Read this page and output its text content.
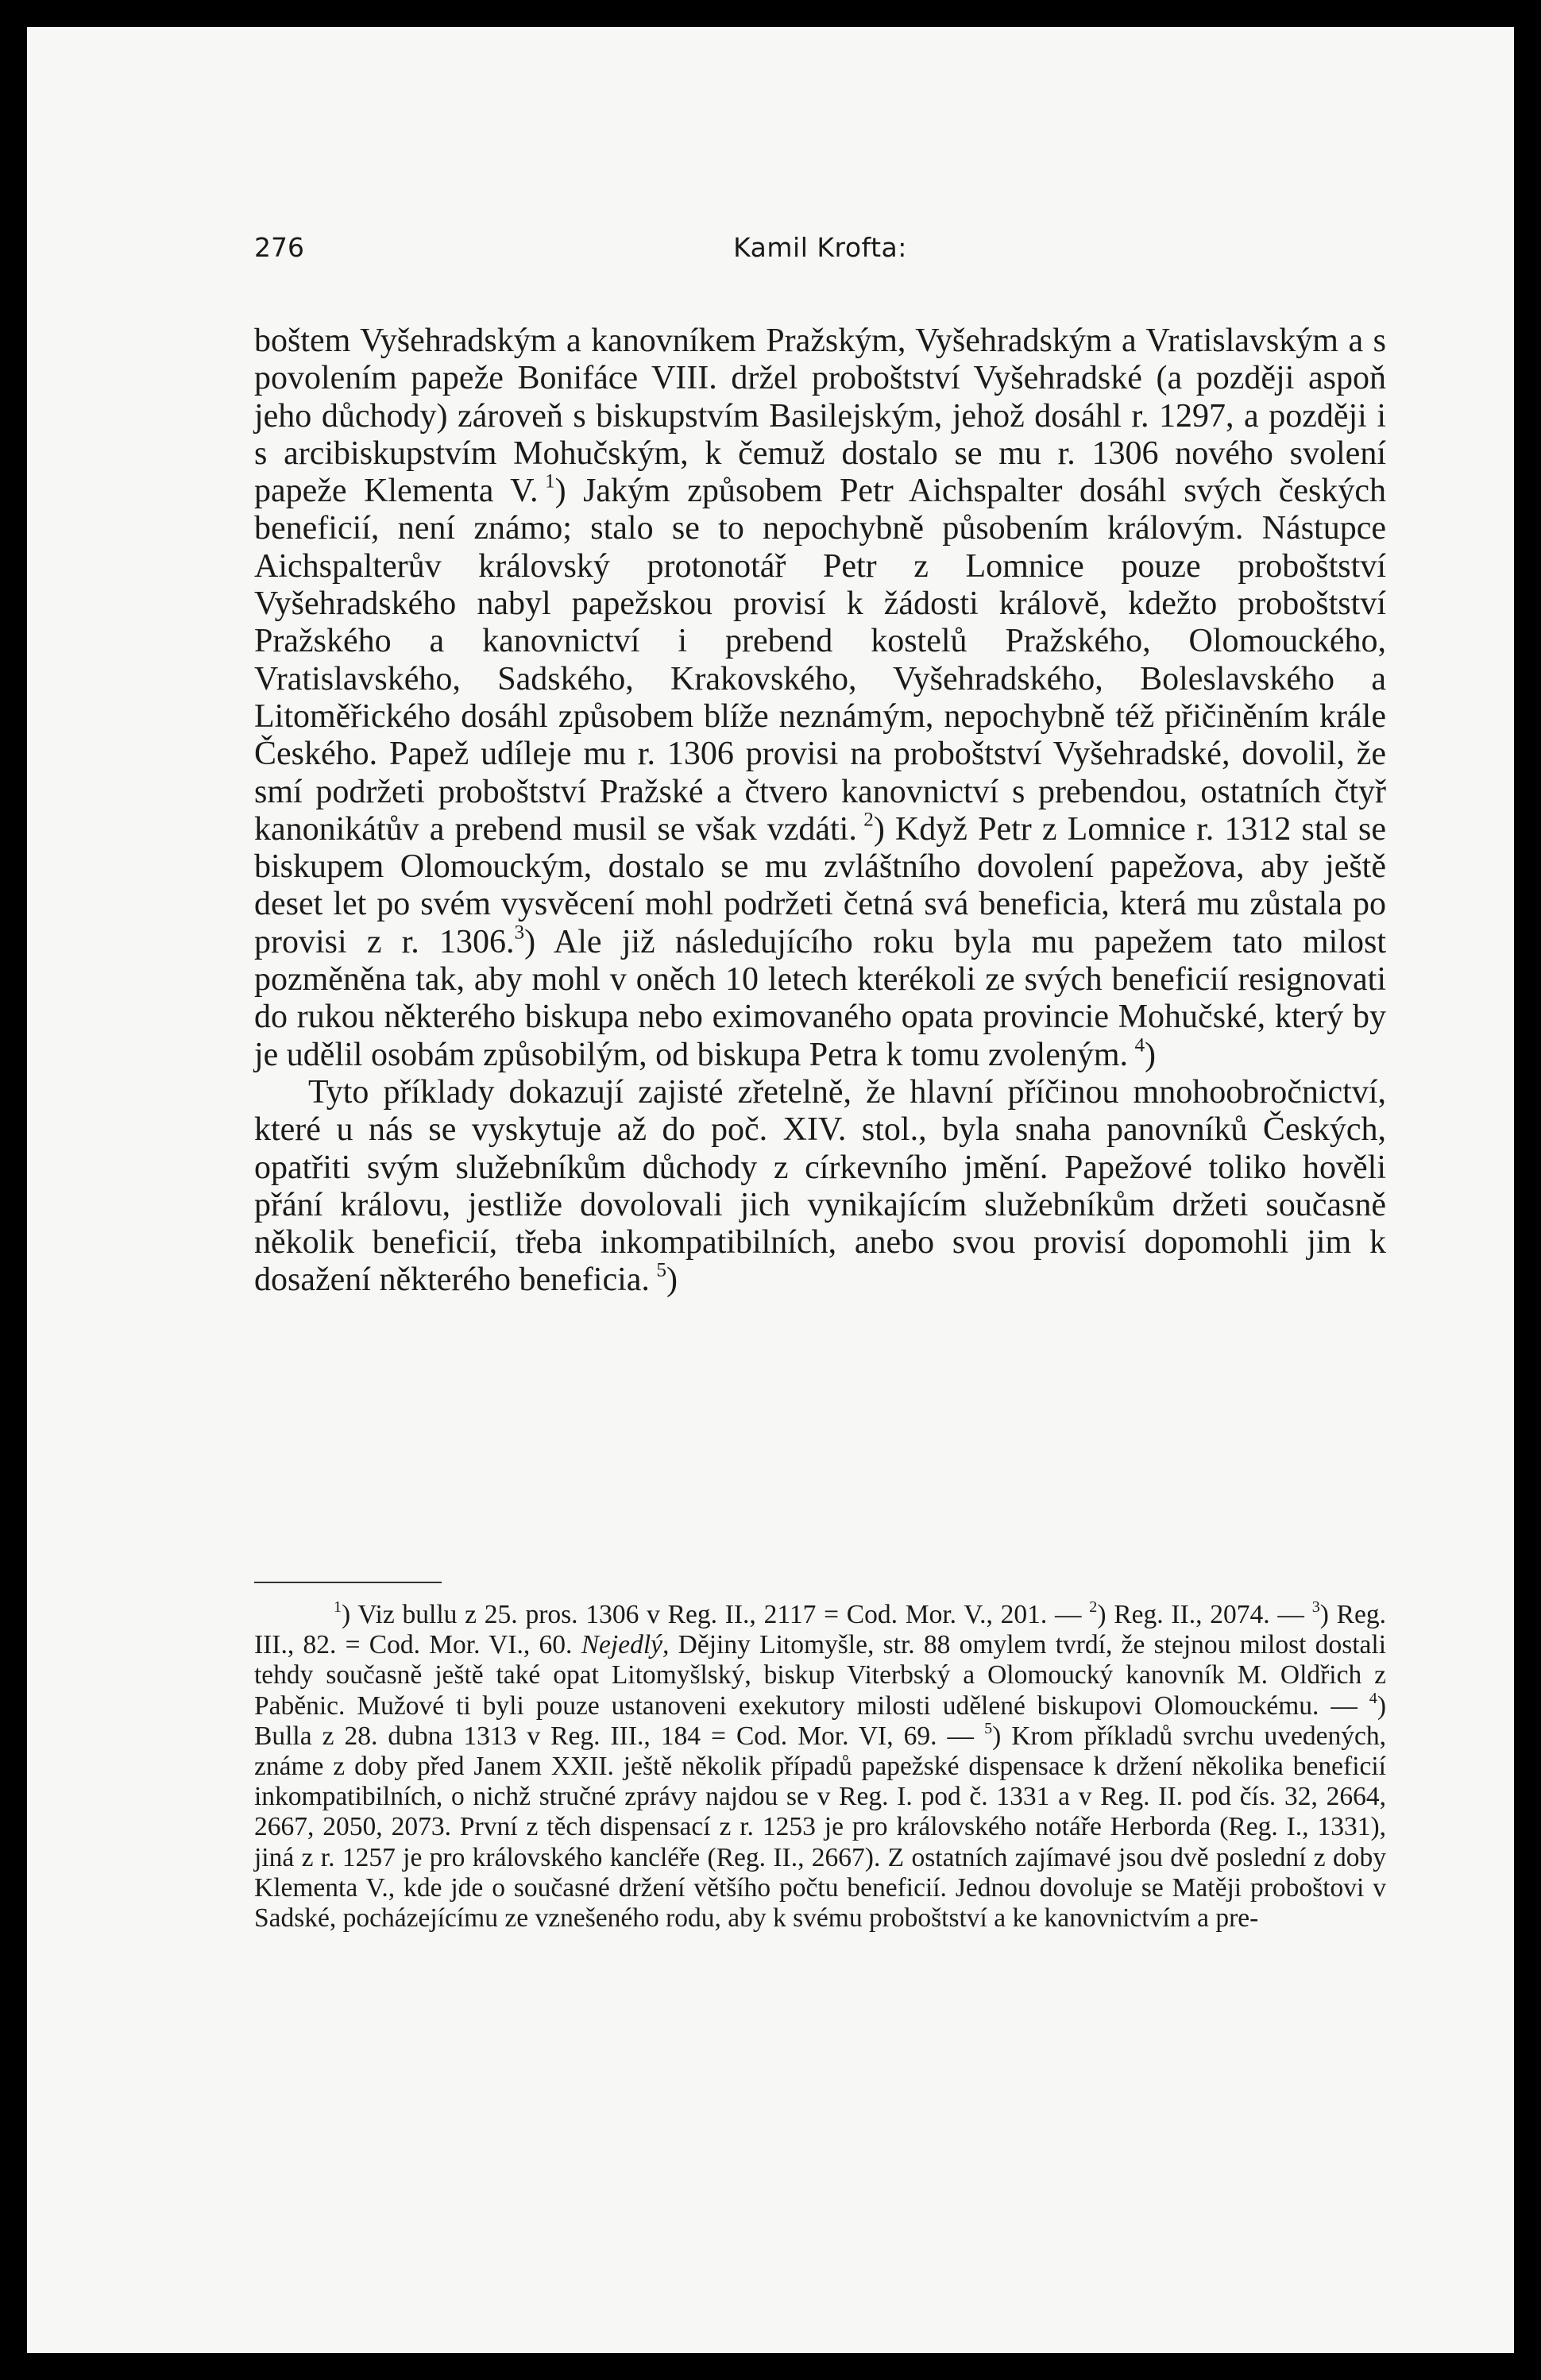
276	Kamil Krofta:

boštem Vyšehradským a kanovníkem Pražským, Vyšehradským a Vratislavským a s povolením papeže Bonifáce VIII. držel proboštství Vyšehradské (a později aspoň jeho důchody) zároveň s biskupstvím Basilejským, jehož dosáhl r. 1297, a později i s arcibiskupstvím Mohučským, k čemuž dostalo se mu r. 1306 nového svolení papeže Klementa V.  $^1$) Jakým způsobem Petr Aichspalter dosáhl svých českých beneficií, není známo; stalo se to nepochybně působením královým. Nástupce Aichspalterův královský protonotář Petr z Lomnice pouze proboštství Vyšehradského nabyl papežskou provisí k žádosti královĕ, kdežto proboštství Pražského a kanovnictví i prebend kostelů Pražského, Olomouckého, Vratislavského, Sadského, Krakovského, Vyšehradského, Boleslavského a Litoměřického dosáhl způsobem blíže neznámým, nepochybně též přičiněním krále Českého. Papež udíleje mu r. 1306 provisi na proboštství Vyšehradské, dovolil, že smí podržeti proboštství Pražské a čtvero kanovnictví s prebendou, ostatních čtyř kanonikátův a prebend musil se však vzdáti.  $^2$) Když Petr z Lomnice r. 1312 stal se biskupem Olomouckým, dostalo se mu zvláštního dovolení papežova, aby ještě deset let po svém vysvěcení mohl podržeti četná svá beneficia, která mu zůstala po provisi z r. 1306.$^3$) Ale již následujícího roku byla mu papežem tato milost pozměněna tak, aby mohl v oněch 10 letech kterékoli ze svých beneficií resignovati do rukou některého biskupa nebo eximovaného opata provincie Mohučské, který by je udělil osobám způsobilým, od biskupa Petra k tomu zvoleným.  $^4$)

Tyto příklady dokazují zajisté zřetelně, že hlavní příčinou mnohoobročnictví, které u nás se vyskytuje až do poč. XIV. stol., byla snaha panovníků Českých, opatřiti svým služebníkům důchody z církevního jmění. Papežové toliko hověli přání královu, jestliže dovolovali jich vynikajícím služebníkům držeti současně několik beneficií, třeba inkompatibilních, anebo svou provisí dopomohli jim k dosažení některého beneficia.  $^5$)

$^1$) Viz bullu z 25. pros. 1306 v Reg. II., 2117 = Cod. Mor. V., 201. — $^2$) Reg. II., 2074. — $^3$) Reg. III., 82. = Cod. Mor. VI., 60. Nejedlý, Dějiny Litomyšle, str. 88 omylem tvrdí, že stejnou milost dostali tehdy současně ještě také opat Litomyšlský, biskup Viterbský a Olomoucký kanovník M. Oldřich z Paběnic. Mužové ti byli pouze ustanoveni exekutory milosti udělené biskupovi Olomouckému. — $^4$) Bulla z 28. dubna 1313 v Reg. III., 184 = Cod. Mor. VI, 69. — $^5$) Krom příkladů svrchu uvedených, známe z doby před Janem XXII. ještě několik případů papežské dispensace k držení několika beneficií inkompatibilních, o nichž stručné zprávy najdou se v Reg. I. pod č. 1331 a v Reg. II. pod čís. 32, 2664, 2667, 2050, 2073. První z těch dispensací z r. 1253 je pro královského notáře Herborda (Reg. I., 1331), jiná z r. 1257 je pro královského kancléře (Reg. II., 2667). Z ostatních zajímavé jsou dvě poslední z doby Klementa V., kde jde o současné držení většího počtu beneficií. Jednou dovoluje se Matěji proboštovi v Sadské, pocházejícímu ze vznešeného rodu, aby k svému proboštství a ke kanovnictvím a pre-
